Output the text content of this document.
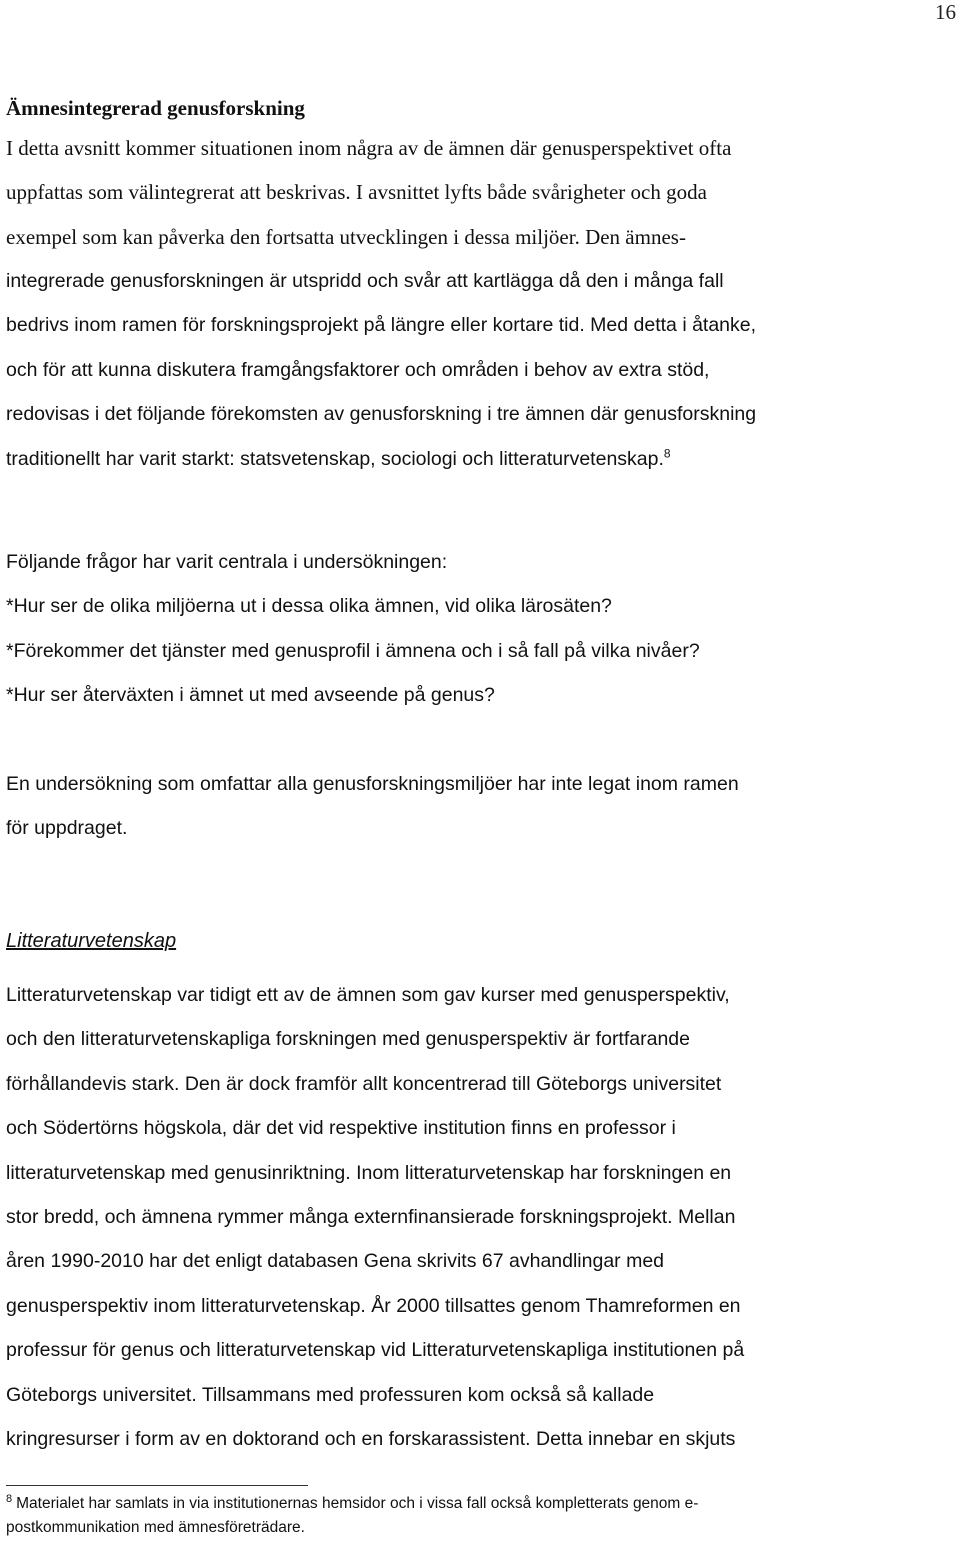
16
Ämnesintegrerad genusforskning
I detta avsnitt kommer situationen inom några av de ämnen där genusperspektivet ofta
uppfattas som välintegrerat att beskrivas. I avsnittet lyfts både svårigheter och goda
exempel som kan påverka den fortsatta utvecklingen i dessa miljöer. Den ämnes-
integrerade genusforskningen är utspridd och svår att kartlägga då den i många fall
bedrivs inom ramen för forskningsprojekt på längre eller kortare tid. Med detta i åtanke,
och för att kunna diskutera framgångsfaktorer och områden i behov av extra stöd,
redovisas i det följande förekomsten av genusforskning i tre ämnen där genusforskning
traditionellt har varit starkt: statsvetenskap, sociologi och litteraturvetenskap.$^8$
Följande frågor har varit centrala i undersökningen:
*Hur ser de olika miljöerna ut i dessa olika ämnen, vid olika lärosäten?
*Förekommer det tjänster med genusprofil i ämnena och i så fall på vilka nivåer?
*Hur ser återväxten i ämnet ut med avseende på genus?
En undersökning som omfattar alla genusforskningsmiljöer har inte legat inom ramen
för uppdraget.
Litteraturvetenskap
Litteraturvetenskap var tidigt ett av de ämnen som gav kurser med genusperspektiv,
och den litteraturvetenskapliga forskningen med genusperspektiv är fortfarande
förhållandevis stark. Den är dock framför allt koncentrerad till Göteborgs universitet
och Södertörns högskola, där det vid respektive institution finns en professor i
litteraturvetenskap med genusinriktning. Inom litteraturvetenskap har forskningen en
stor bredd, och ämnena rymmer många externfinansierade forskningsprojekt. Mellan
åren 1990-2010 har det enligt databasen Gena skrivits 67 avhandlingar med
genusperspektiv inom litteraturvetenskap. År 2000 tillsattes genom Thamreformen en
professur för genus och litteraturvetenskap vid Litteraturvetenskapliga institutionen på
Göteborgs universitet. Tillsammans med professuren kom också så kallade
kringresurser i form av en doktorand och en forskarassistent. Detta innebar en skjuts
$^8$ Materialet har samlats in via institutionernas hemsidor och i vissa fall också kompletterats genom e-
postkommunikation med ämnesföreträdare.
